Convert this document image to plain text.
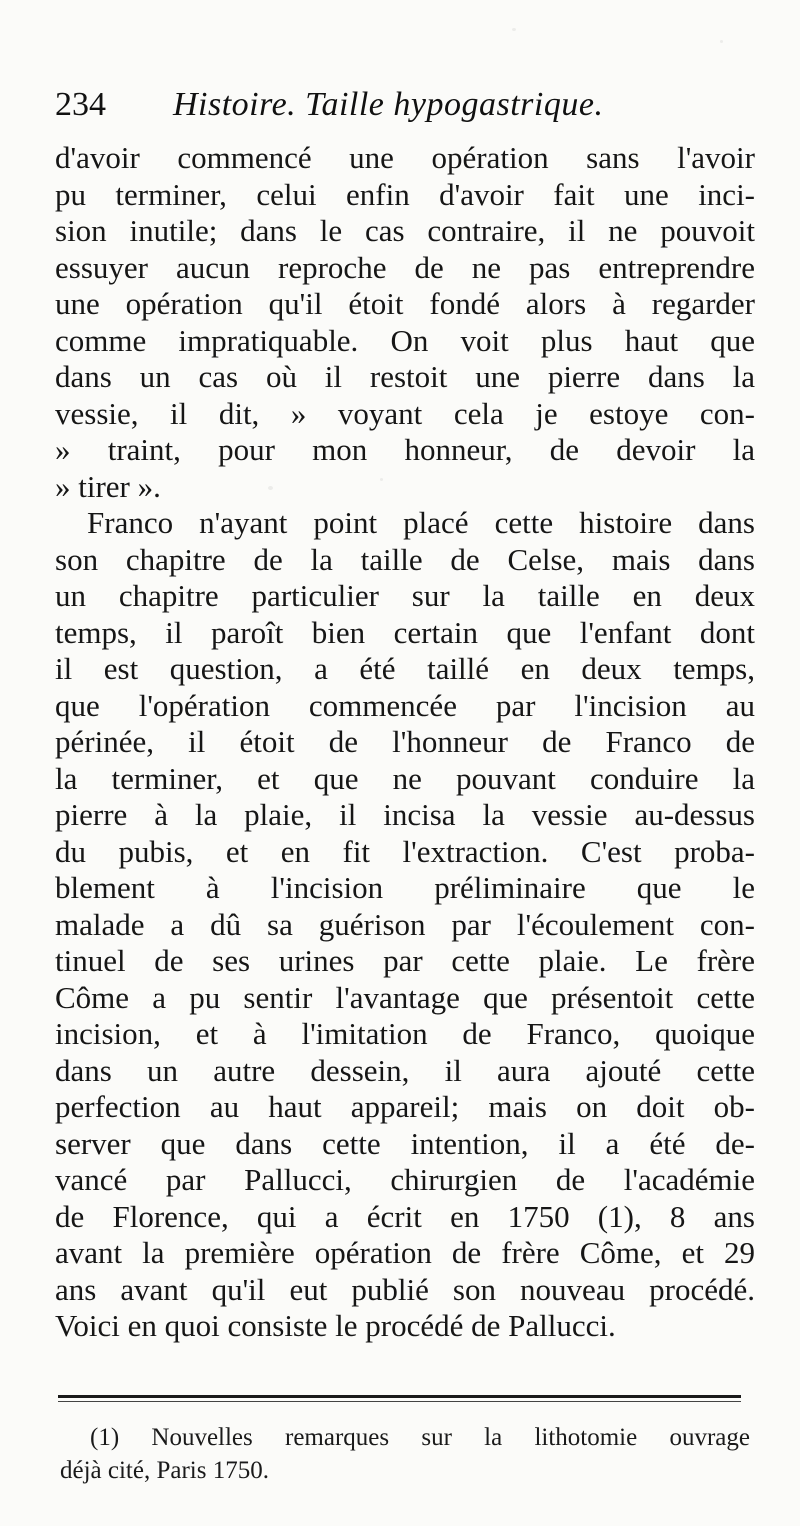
234 Histoire. Taille hypogastrique.
d'avoir commencé une opération sans l'avoir
pu terminer, celui enfin d'avoir fait une inci-
sion inutile; dans le cas contraire, il ne pouvoit
essuyer aucun reproche de ne pas entreprendre
une opération qu'il étoit fondé alors à regarder
comme impratiquable. On voit plus haut que
dans un cas où il restoit une pierre dans la
vessie, il dit, » voyant cela je estoye con-
» traint, pour mon honneur, de devoir la
» tirer ».
Franco n'ayant point placé cette histoire dans
son chapitre de la taille de Celse, mais dans
un chapitre particulier sur la taille en deux
temps, il paroît bien certain que l'enfant dont
il est question, a été taillé en deux temps,
que l'opération commencée par l'incision au
périnée, il étoit de l'honneur de Franco de
la terminer, et que ne pouvant conduire la
pierre à la plaie, il incisa la vessie au-dessus
du pubis, et en fit l'extraction. C'est proba-
blement à l'incision préliminaire que le
malade a dû sa guérison par l'écoulement con-
tinuel de ses urines par cette plaie. Le frère
Côme a pu sentir l'avantage que présentoit cette
incision, et à l'imitation de Franco, quoique
dans un autre dessein, il aura ajouté cette
perfection au haut appareil; mais on doit ob-
server que dans cette intention, il a été de-
vancé par Pallucci, chirurgien de l'académie
de Florence, qui a écrit en 1750 (1), 8 ans
avant la première opération de frère Côme, et 29
ans avant qu'il eut publié son nouveau procédé.
Voici en quoi consiste le procédé de Pallucci.
(1) Nouvelles remarques sur la lithotomie ouvrage
déjà cité, Paris 1750.
